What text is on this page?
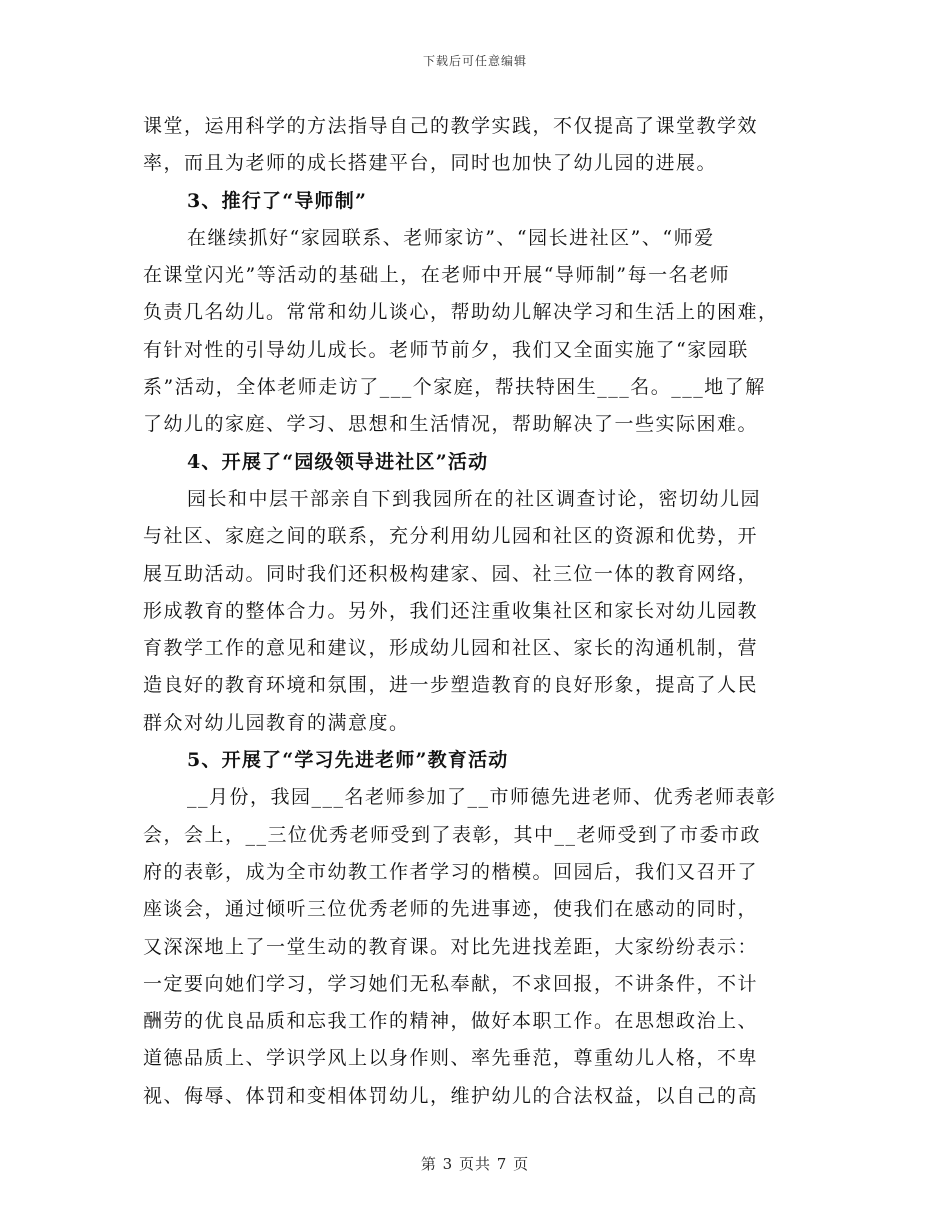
下载后可任意编辑
课堂，运用科学的方法指导自己的教学实践，不仅提高了课堂教学效
率，而且为老师的成长搭建平台，同时也加快了幼儿园的进展。
3、推行了“导师制”
在继续抓好“家园联系、老师家访”、“园长进社区”、“师爱
在课堂闪光”等活动的基础上，在老师中开展“导师制”每一名老师
负责几名幼儿。常常和幼儿谈心，帮助幼儿解决学习和生活上的困难，
有针对性的引导幼儿成长。老师节前夕，我们又全面实施了“家园联
系”活动，全体老师走访了___个家庭，帮扶特困生___名。___地了解
了幼儿的家庭、学习、思想和生活情况，帮助解决了一些实际困难。
4、开展了“园级领导进社区”活动
园长和中层干部亲自下到我园所在的社区调查讨论，密切幼儿园
与社区、家庭之间的联系，充分利用幼儿园和社区的资源和优势，开
展互助活动。同时我们还积极构建家、园、社三位一体的教育网络，
形成教育的整体合力。另外，我们还注重收集社区和家长对幼儿园教
育教学工作的意见和建议，形成幼儿园和社区、家长的沟通机制，营
造良好的教育环境和氛围，进一步塑造教育的良好形象，提高了人民
群众对幼儿园教育的满意度。
5、开展了“学习先进老师”教育活动
__月份，我园___名老师参加了__市师德先进老师、优秀老师表彰
会，会上，__三位优秀老师受到了表彰，其中__老师受到了市委市政
府的表彰，成为全市幼教工作者学习的楷模。回园后，我们又召开了
座谈会，通过倾听三位优秀老师的先进事迹，使我们在感动的同时，
又深深地上了一堂生动的教育课。对比先进找差距，大家纷纷表示：
一定要向她们学习，学习她们无私奉献，不求回报，不讲条件，不计
酬劳的优良品质和忘我工作的精神，做好本职工作。在思想政治上、
道德品质上、学识学风上以身作则、率先垂范，尊重幼儿人格，不卑
视、侮辱、体罚和变相体罚幼儿，维护幼儿的合法权益，以自己的高
第 3 页共 7 页
